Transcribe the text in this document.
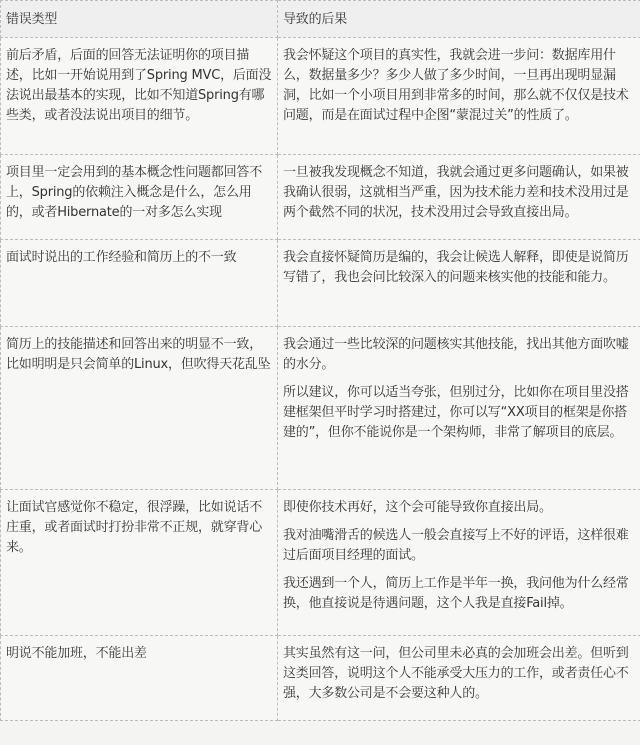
错误类型	导致的后果
前后矛盾，后面的回答无法证明你的项目描述，比如一开始说用到了Spring MVC，后面没法说出最基本的实现，比如不知道Spring有哪些类，或者没法说出项目的细节。	我会怀疑这个项目的真实性，我就会进一步问：数据库用什么，数据量多少？多少人做了多少时间，一旦再出现明显漏洞，比如一个小项目用到非常多的时间，那么就不仅仅是技术问题，而是在面试过程中企图“蒙混过关”的性质了。

项目里一定会用到的基本概念性问题都回答不上，Spring的依赖注入概念是什么，怎么用的，或者Hibernate的一对多怎么实现	一旦被我发现概念不知道，我就会通过更多问题确认，如果被我确认很弱，这就相当严重，因为技术能力差和技术没用过是两个截然不同的状况，技术没用过会导致直接出局。

面试时说出的工作经验和简历上的不一致	我会直接怀疑简历是编的，我会让候选人解释，即使是说简历写错了，我也会问比较深入的问题来核实他的技能和能力。

简历上的技能描述和回答出来的明显不一致，比如明明是只会简单的Linux，但吹得天花乱坠	我会通过一些比较深的问题核实其他技能，找出其他方面吹嘘的水分。

所以建议，你可以适当夸张，但别过分，比如你在项目里没搭建框架但平时学习时搭建过，你可以写“XX项目的框架是你搭建的”，但你不能说你是一个架构师，非常了解项目的底层。

让面试官感觉你不稳定，很浮躁，比如说话不庄重，或者面试时打扮非常不正规，就穿背心来。	即使你技术再好，这个会可能导致你直接出局。

我对油嘴滑舌的候选人一般会直接写上不好的评语，这样很难过后面项目经理的面试。

我还遇到一个人，简历上工作是半年一换，我问他为什么经常换，他直接说是待遇问题，这个人我是直接Fail掉。

明说不能加班，不能出差	其实虽然有这一问，但公司里未必真的会加班会出差。但听到这类回答，说明这个人不能承受大压力的工作，或者责任心不强，大多数公司是不会要这种人的。
